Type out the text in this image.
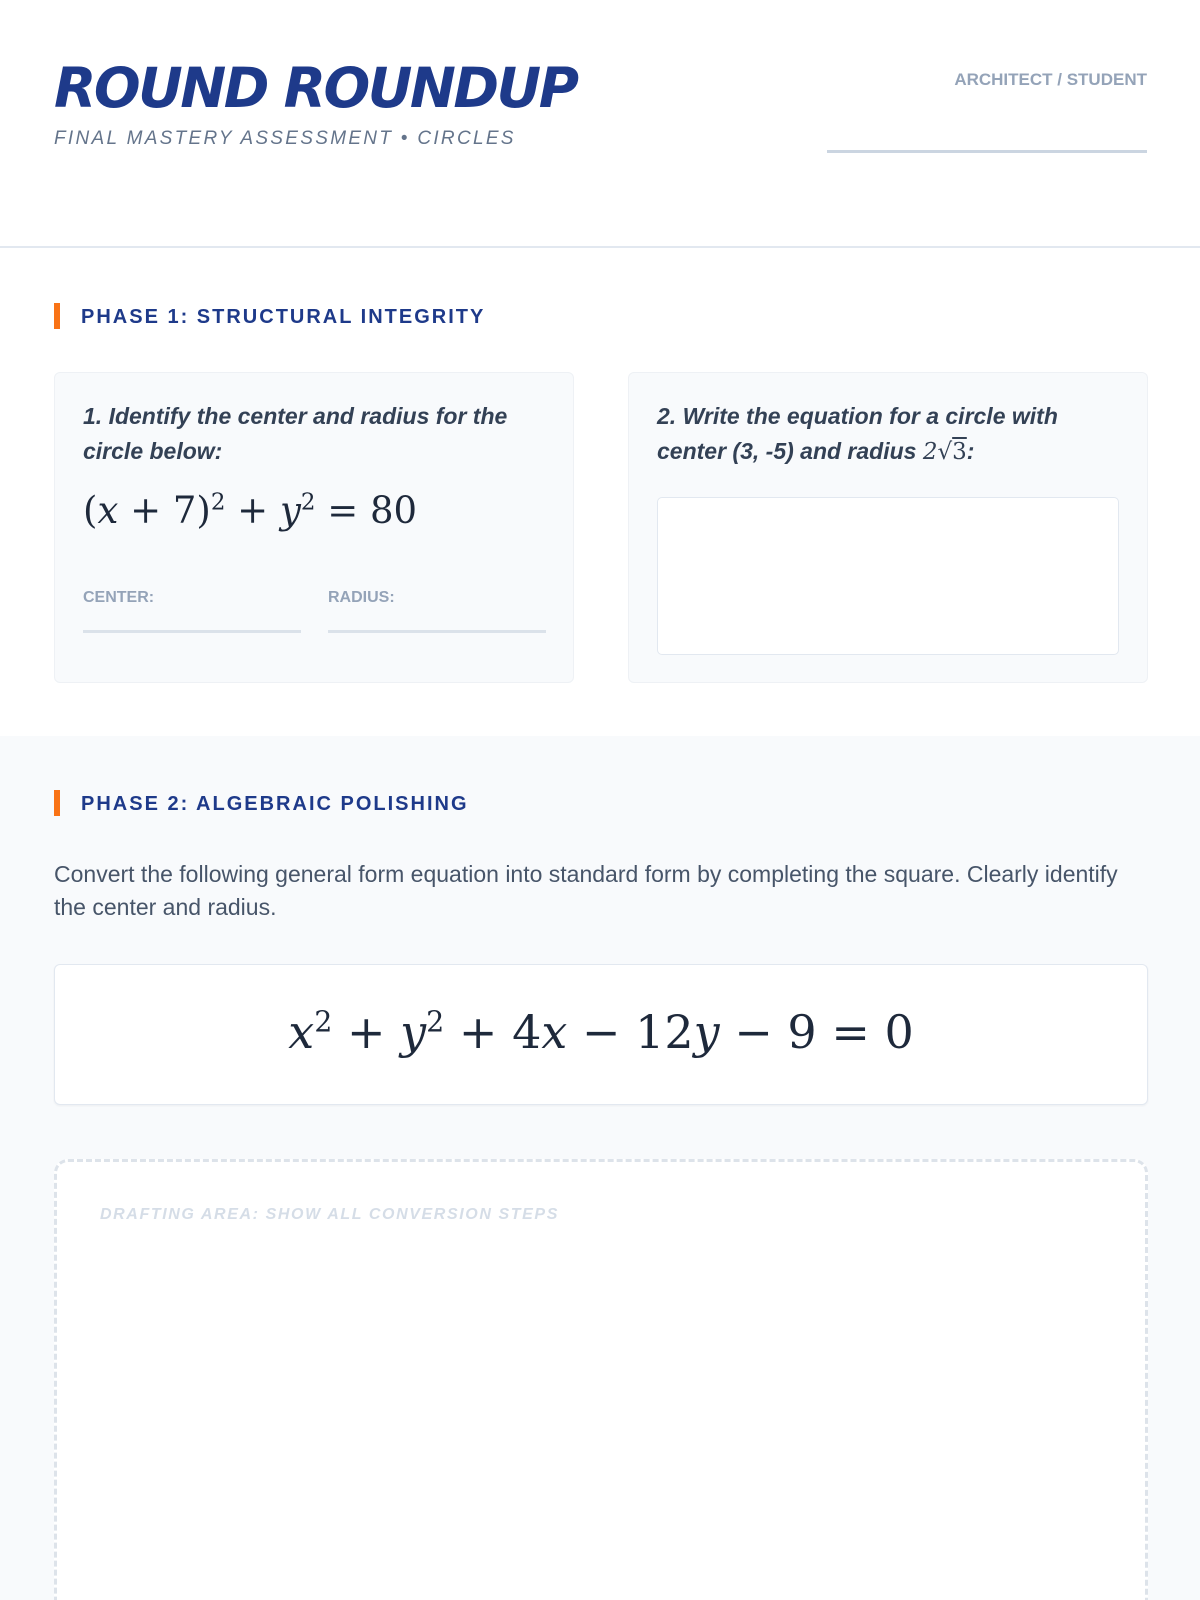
ROUND ROUNDUP
FINAL MASTERY ASSESSMENT • CIRCLES
ARCHITECT / STUDENT
PHASE 1: STRUCTURAL INTEGRITY
1. Identify the center and radius for the circle below:
$(x + 7)^2 + y^2 = 80$
CENTER:	RADIUS:
2. Write the equation for a circle with center (3, -5) and radius 2√3:
PHASE 2: ALGEBRAIC POLISHING
Convert the following general form equation into standard form by completing the square. Clearly identify the center and radius.
$x^2 + y^2 + 4x - 12y - 9 = 0$
DRAFTING AREA: SHOW ALL CONVERSION STEPS
